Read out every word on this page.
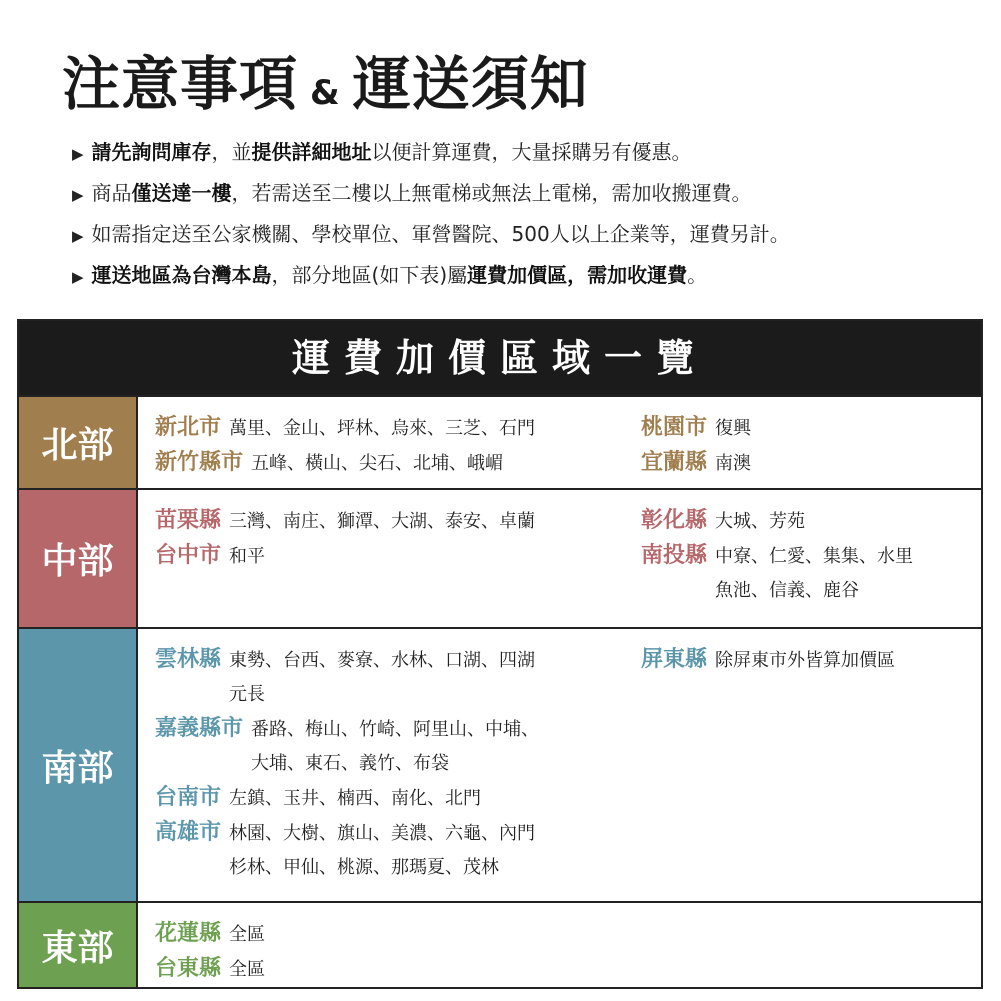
注意事項 & 運送須知
▶ 請先詢問庫存，並提供詳細地址以便計算運費，大量採購另有優惠。
▶ 商品僅送達一樓，若需送至二樓以上無電梯或無法上電梯，需加收搬運費。
▶ 如需指定送至公家機關、學校單位、軍營醫院、500人以上企業等，運費另計。
▶ 運送地區為台灣本島，部分地區(如下表)屬運費加價區，需加收運費。
運費加價區域一覽
北部	新北市 萬里、金山、坪林、烏來、三芝、石門
新竹縣市 五峰、橫山、尖石、北埔、峨嵋
桃園市 復興
宜蘭縣 南澳
中部
苗栗縣 三灣、南庄、獅潭、大湖、泰安、卓蘭
台中市 和平
彰化縣 大城、芳苑
南投縣 中寮、仁愛、集集、水里
魚池、信義、鹿谷
南部
雲林縣 東勢、台西、麥寮、水林、口湖、四湖
元長
嘉義縣市 番路、梅山、竹崎、阿里山、中埔、
大埔、東石、義竹、布袋
台南市 左鎮、玉井、楠西、南化、北門
高雄市 林園、大樹、旗山、美濃、六龜、內門
杉林、甲仙、桃源、那瑪夏、茂林
屏東縣 除屏東市外皆算加價區
東部	花蓮縣 全區
台東縣 全區
